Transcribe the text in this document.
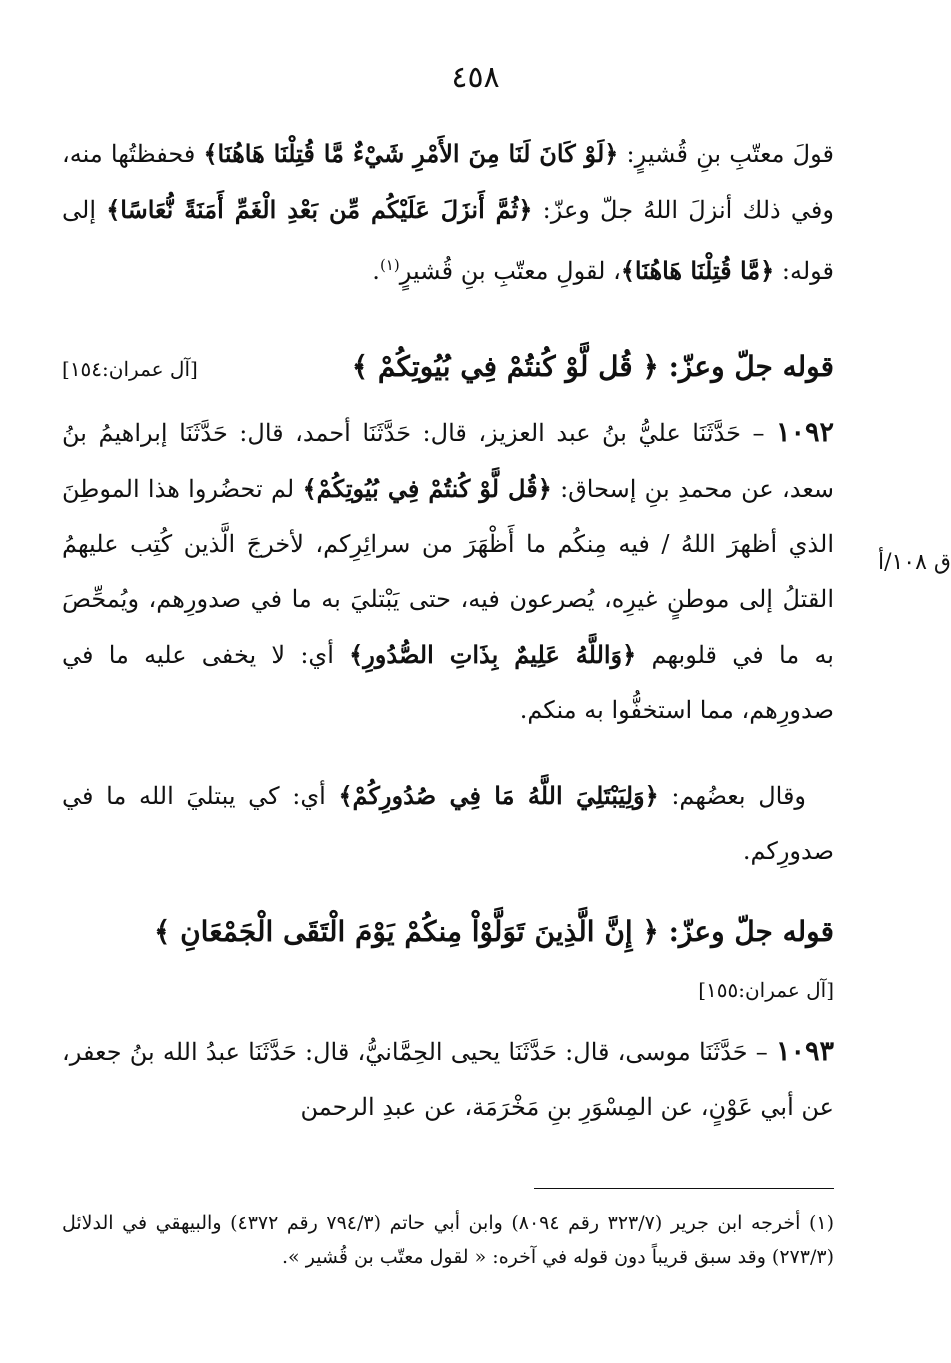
٤٥٨
قولَ معتّبِ بنِ قُشيرٍ: ﴿لَوْ كَانَ لَنَا مِنَ الأَمْرِ شَيْءٌ مَّا قُتِلْنَا هَاهُنَا﴾ فحفظتُها منه، وفي ذلك أنزلَ اللهُ جلّ وعزّ: ﴿ثُمَّ أَنزَلَ عَلَيْكُم مِّن بَعْدِ الْغَمِّ أَمَنَةً نُّعَاسًا﴾ إلى قوله: ﴿مَّا قُتِلْنَا هَاهُنَا﴾، لقولِ معتّبِ بنِ قُشيرٍ$^{(١)}$.
قوله جلّ وعزّ: ﴿ قُل لَّوْ كُنتُمْ فِي بُيُوتِكُمْ ﴾
[آل عمران:١٥٤]
١٠٩٢ – حَدَّثَنَا عليُّ بنُ عبد العزيز، قال: حَدَّثَنَا أحمد، قال: حَدَّثَنَا إبراهيمُ بنُ سعد، عن محمدِ بنِ إسحاق: ﴿قُل لَّوْ كُنتُمْ فِي بُيُوتِكُمْ﴾ لم تحضُروا هذا الموطِنَ الذي أظهرَ اللهُ / فيه مِنكُم ما أَظْهَرَ من سرائِرِكم، لأخرجَ الَّذين كُتِب عليهمُ القتلُ إلى موطنٍ غيرِه، يُصرعون فيه، حتى يَبْتليَ به ما في صدورِهم، ويُمحِّصَ به ما في قلوبهم ﴿وَاللَّهُ عَلِيمٌ بِذَاتِ الصُّدُورِ﴾ أي: لا يخفى عليه ما في صدورِهم، مما استخفُّوا به منكم.
ق ١٠٨/أ
وقال بعضُهم: ﴿وَلِيَبْتَلِيَ اللَّهُ مَا فِي صُدُورِكُمْ﴾ أي: كي يبتليَ الله ما في صدورِكم.
قوله جلّ وعزّ: ﴿ إِنَّ الَّذِينَ تَوَلَّوْاْ مِنكُمْ يَوْمَ الْتَقَى الْجَمْعَانِ ﴾
[آل عمران:١٥٥]
١٠٩٣ – حَدَّثَنَا موسى، قال: حَدَّثَنَا يحيى الحِمَّانيُّ، قال: حَدَّثَنَا عبدُ الله بنُ جعفر، عن أبي عَوْنٍ، عن المِسْوَرِ بنِ مَخْرَمَة، عن عبدِ الرحمن
(١) أخرجه ابن جرير (٣٢٣/٧ رقم ٨٠٩٤) وابن أبي حاتم (٧٩٤/٣ رقم ٤٣٧٢) والبيهقي في الدلائل (٢٧٣/٣) وقد سبق قريباً دون قوله في آخره: « لقول معتّب بن قُشير ».
